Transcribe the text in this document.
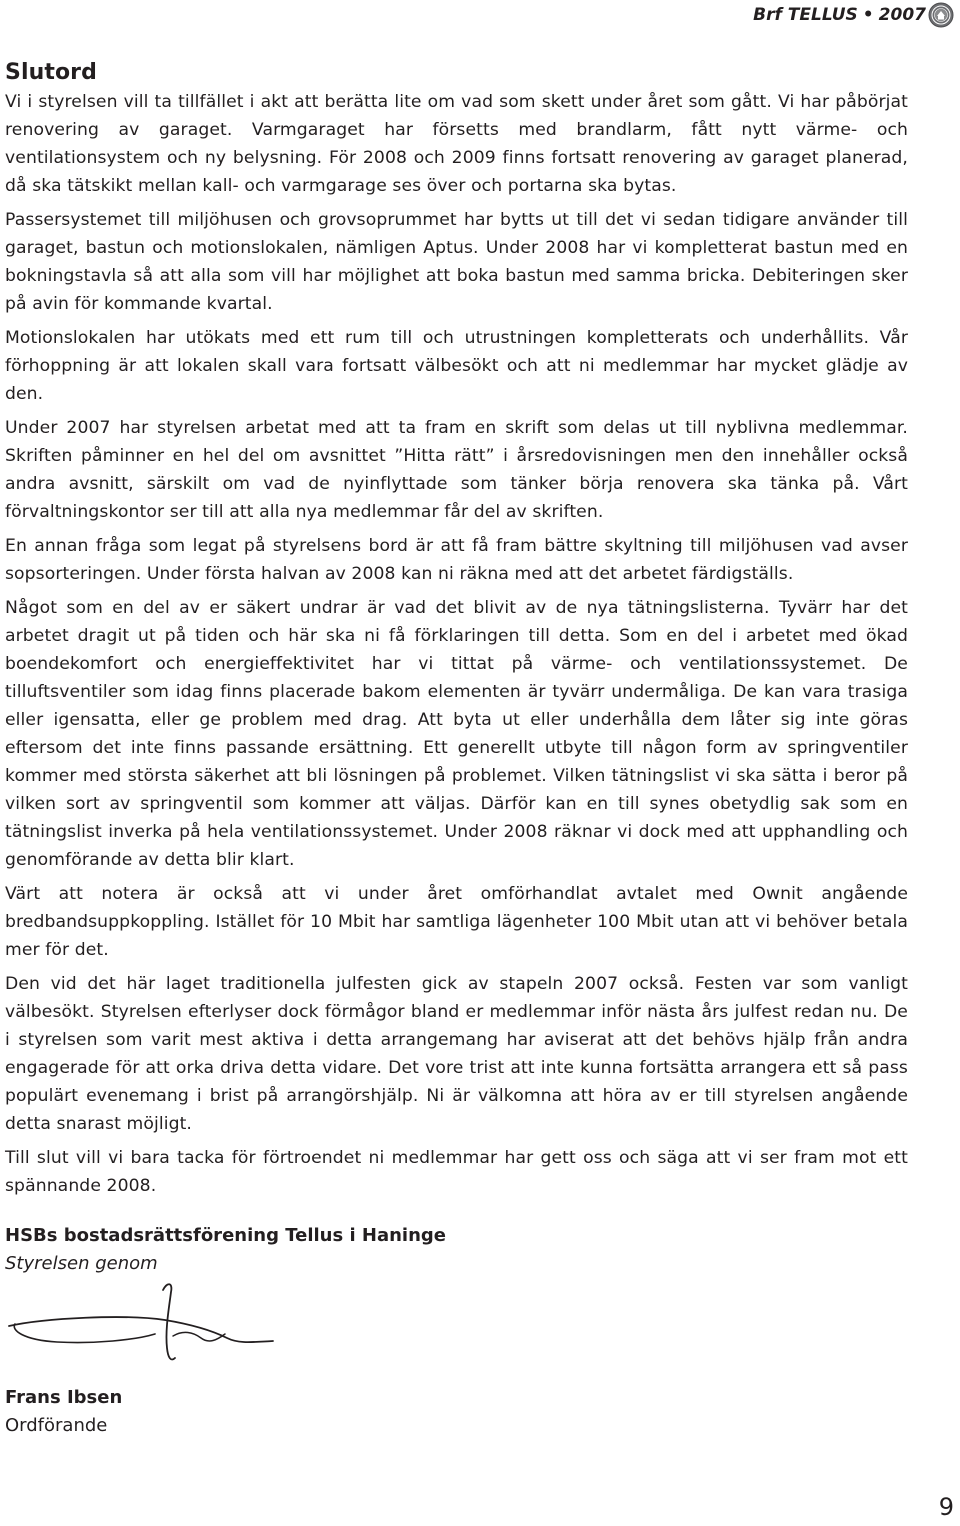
Brf TELLUS • 2007
Slutord

Vi i styrelsen vill ta tillfället i akt att berätta lite om vad som skett under året som gått. Vi har påbörjat renovering av garaget. Varmgaraget har försetts med brandlarm, fått nytt värme- och ventilationsystem och ny belysning. För 2008 och 2009 finns fortsatt renovering av garaget planerad, då ska tätskikt mellan kall- och varmgarage ses över och portarna ska bytas.

Passersystemet till miljöhusen och grovsoprummet har bytts ut till det vi sedan tidigare använder till garaget, bastun och motionslokalen, nämligen Aptus. Under 2008 har vi kompletterat bastun med en bokningstavla så att alla som vill har möjlighet att boka bastun med samma bricka. Debiteringen sker på avin för kommande kvartal.

Motionslokalen har utökats med ett rum till och utrustningen kompletterats och underhållits. Vår förhoppning är att lokalen skall vara fortsatt välbesökt och att ni medlemmar har mycket glädje av den.

Under 2007 har styrelsen arbetat med att ta fram en skrift som delas ut till nyblivna medlemmar. Skriften påminner en hel del om avsnittet ”Hitta rätt” i årsredovisningen men den innehåller också andra avsnitt, särskilt om vad de nyinflyttade som tänker börja renovera ska tänka på. Vårt förvaltningskontor ser till att alla nya medlemmar får del av skriften.

En annan fråga som legat på styrelsens bord är att få fram bättre skyltning till miljöhusen vad avser sopsorteringen. Under första halvan av 2008 kan ni räkna med att det arbetet färdigställs.

Något som en del av er säkert undrar är vad det blivit av de nya tätningslisterna. Tyvärr har det arbetet dragit ut på tiden och här ska ni få förklaringen till detta. Som en del i arbetet med ökad boendekomfort och energieffektivitet har vi tittat på värme- och ventilationssystemet. De tilluftsventiler som idag finns placerade bakom elementen är tyvärr undermåliga. De kan vara trasiga eller igensatta, eller ge problem med drag. Att byta ut eller underhålla dem låter sig inte göras eftersom det inte finns passande ersättning. Ett generellt utbyte till någon form av springventiler kommer med största säkerhet att bli lösningen på problemet. Vilken tätningslist vi ska sätta i beror på vilken sort av springventil som kommer att väljas. Därför kan en till synes obetydlig sak som en tätningslist inverka på hela ventilationssystemet. Under 2008 räknar vi dock med att upphandling och genomförande av detta blir klart.

Värt att notera är också att vi under året omförhandlat avtalet med Ownit angående bredbandsuppkoppling. Istället för 10 Mbit har samtliga lägenheter 100 Mbit utan att vi behöver betala mer för det.

Den vid det här laget traditionella julfesten gick av stapeln 2007 också. Festen var som vanligt välbesökt. Styrelsen efterlyser dock förmågor bland er medlemmar inför nästa års julfest redan nu. De i styrelsen som varit mest aktiva i detta arrangemang har aviserat att det behövs hjälp från andra engagerade för att orka driva detta vidare. Det vore trist att inte kunna fortsätta arrangera ett så pass populärt evenemang i brist på arrangörshjälp. Ni är välkomna att höra av er till styrelsen angående detta snarast möjligt.

Till slut vill vi bara tacka för förtroendet ni medlemmar har gett oss och säga att vi ser fram mot ett spännande 2008.

HSBs bostadsrättsförening Tellus i Haninge
Styrelsen genom
Frans Ibsen
Ordförande
9
